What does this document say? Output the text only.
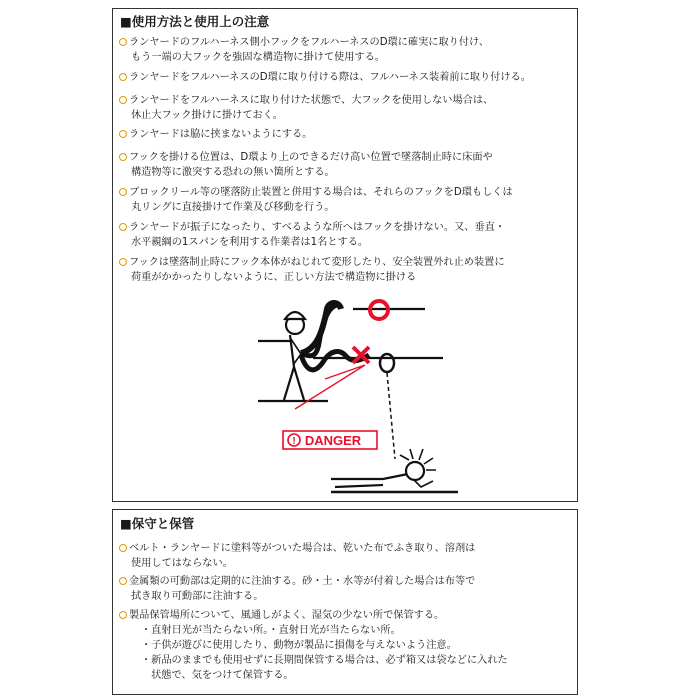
■使用方法と使用上の注意
ランヤードのフルハーネス側小フックをフルハーネスのD環に確実に取り付け、
もう一端の大フックを強固な構造物に掛けて使用する。
ランヤードをフルハーネスのD環に取り付ける際は、フルハーネス装着前に取り付ける。
ランヤードをフルハーネスに取り付けた状態で、大フックを使用しない場合は、
休止大フック掛けに掛けておく。
ランヤードは脇に挟まないようにする。
フックを掛ける位置は、D環より上のできるだけ高い位置で墜落制止時に床面や
構造物等に激突する恐れの無い箇所とする。
ブロックリール等の墜落防止装置と併用する場合は、それらのフックをD環もしくは
丸リングに直接掛けて作業及び移動を行う。
ランヤードが振子になったり、すべるような所へはフックを掛けない。又、垂直・
水平親綱の1スパンを利用する作業者は1名とする。
フックは墜落制止時にフック本体がねじれて変形したり、安全装置外れ止め装置に
荷重がかかったりしないように、正しい方法で構造物に掛ける
! DANGER
■保守と保管
ベルト・ランヤードに塗料等がついた場合は、乾いた布でふき取り、溶剤は
使用してはならない。
金属類の可動部は定期的に注油する。砂・土・水等が付着した場合は布等で
拭き取り可動部に注油する。
製品保管場所について、風通しがよく、湿気の少ない所で保管する。
・直射日光が当たらない所。・直射日光が当たらない所。
・子供が遊びに使用したり、動物が製品に損傷を与えないよう注意。
・新品のままでも使用せずに長期間保管する場合は、必ず箱又は袋などに入れた
　状態で、気をつけて保管する。
